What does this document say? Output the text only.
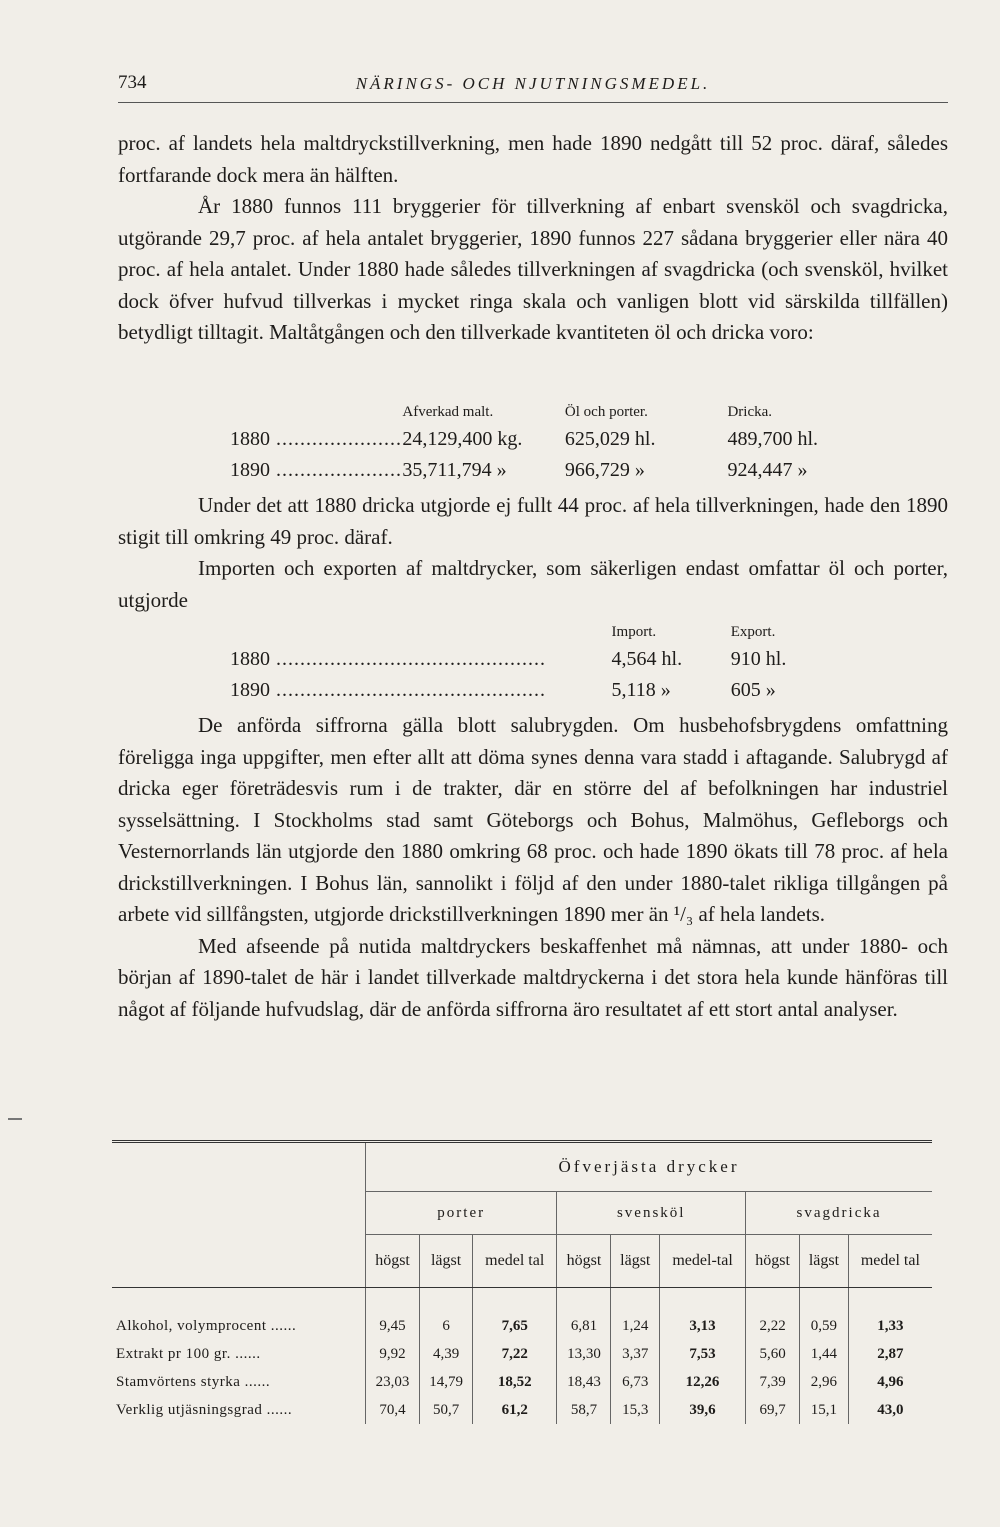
734	NÄRINGS- OCH NJUTNINGSMEDEL.

proc. af landets hela maltdryckstillverkning, men hade 1890 nedgått till 52 proc. däraf, således fortfarande dock mera än hälften.

År 1880 funnos 111 bryggerier för tillverkning af enbart svensköl och svagdricka, utgörande 29,7 proc. af hela antalet bryggerier, 1890 funnos 227 sådana bryggerier eller nära 40 proc. af hela antalet. Under 1880 hade således tillverkningen af svagdricka (och svensköl, hvilket dock öfver hufvud tillverkas i mycket ringa skala och vanligen blott vid särskilda tillfällen) betydligt tilltagit. Maltåtgången och den tillverkade kvantiteten öl och dricka voro:

Afverkad malt.	Öl och porter.	Dricka.
1880 .....	24,129,400 kg.	625,029 hl.	489,700 hl.
1890 .....	35,711,794 »	966,729 »	924,447 »

Under det att 1880 dricka utgjorde ej fullt 44 proc. af hela tillverkningen, hade den 1890 stigit till omkring 49 proc. däraf.

Importen och exporten af maltdrycker, som säkerligen endast omfattar öl och porter, utgjorde

Import.	Export.
1880 .....	4,564 hl.	910 hl.
1890 .....	5,118 »	605 »

De anförda siffrorna gälla blott salubrygden. Om husbehofsbrygdens omfattning föreligga inga uppgifter, men efter allt att döma synes denna vara stadd i aftagande. Salubrygd af dricka eger företrädesvis rum i de trakter, där en större del af befolkningen har industriel sysselsättning. I Stockholms stad samt Göteborgs och Bohus, Malmöhus, Gefleborgs och Vesternorrlands län utgjorde den 1880 omkring 68 proc. och hade 1890 ökats till 78 proc. af hela drickstillverkningen. I Bohus län, sannolikt i följd af den under 1880-talet rikliga tillgången på arbete vid sillfångsten, utgjorde drickstillverkningen 1890 mer än ¹/₃ af hela landets.

Med afseende på nutida maltdryckers beskaffenhet må nämnas, att under 1880- och början af 1890-talet de här i landet tillverkade maltdryckerna i det stora hela kunde hänföras till något af följande hufvudslag, där de anförda siffrorna äro resultatet af ett stort antal analyser.

	Öfverjästa drycker								
	porter			svensköl			svagdricka		
	högst	lägst	medel tal	högst	lägst	medel-tal	högst	lägst	medel tal

Alkohol, volymprocent ......	9,45	6	7,65	6,81	1,24	3,13	2,22	0,59	1,33
Extrakt pr 100 gr. ......	9,92	4,39	7,22	13,30	3,37	7,53	5,60	1,44	2,87
Stamvörtens styrka ......	23,03	14,79	18,52	18,43	6,73	12,26	7,39	2,96	4,96
Verklig utjäsningsgrad ......	70,4	50,7	61,2	58,7	15,3	39,6	69,7	15,1	43,0
